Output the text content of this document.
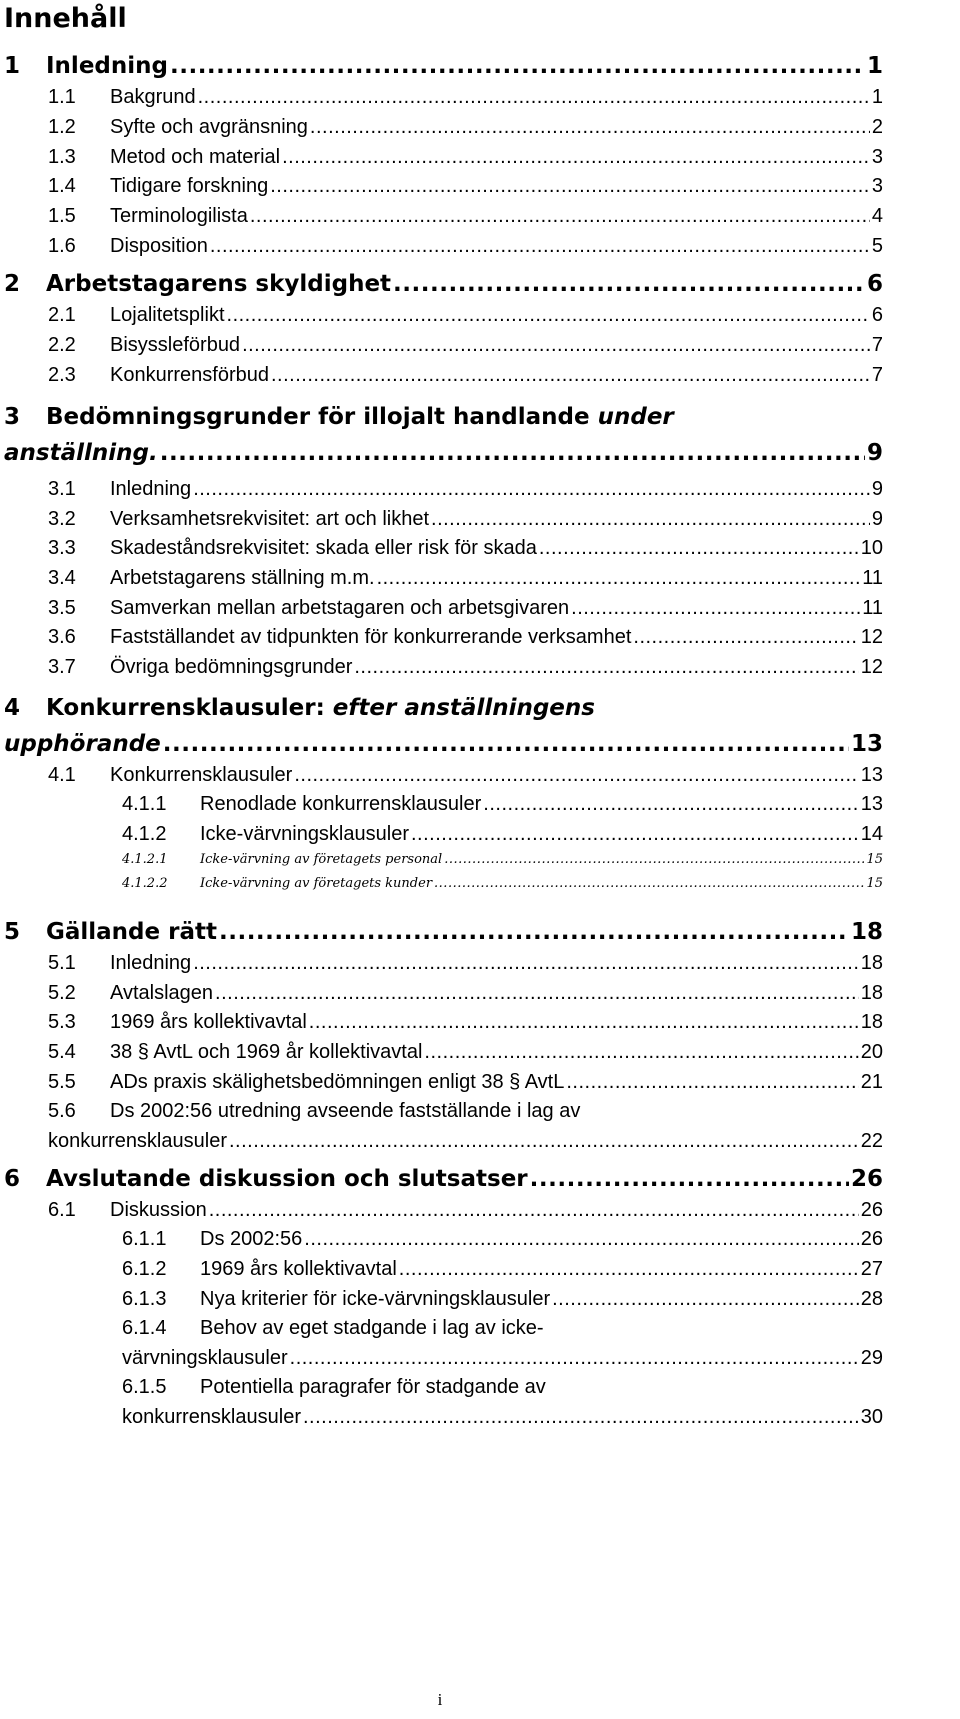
Innehåll
1	Inledning .....	1
1.1	Bakgrund .....	1
1.2	Syfte och avgränsning .....	2
1.3	Metod och material .....	3
1.4	Tidigare forskning .....	3
1.5	Terminologilista .....	4
1.6	Disposition .....	5
2	Arbetstagarens skyldighet .....	6
2.1	Lojalitetsplikt .....	6
2.2	Bisyssleförbud .....	7
2.3	Konkurrensförbud .....	7
3 Bedömningsgrunder för illojalt handlande under
anställning. .....	9
3.1	Inledning .....	9
3.2	Verksamhetsrekvisitet: art och likhet .....	9
3.3	Skadeståndsrekvisitet: skada eller risk för skada .....	10
3.4	Arbetstagarens ställning m.m. .....	11
3.5	Samverkan mellan arbetstagaren och arbetsgivaren .....	11
3.6	Fastställandet av tidpunkten för konkurrerande verksamhet .....	12
3.7	Övriga bedömningsgrunder .....	12
4 Konkurrensklausuler: efter anställningens
upphörande .....	13
4.1	Konkurrensklausuler .....	13
4.1.1	Renodlade konkurrensklausuler .....	13
4.1.2	Icke-värvningsklausuler .....	14
4.1.2.1	Icke-värvning av företagets personal .....	15
4.1.2.2	Icke-värvning av företagets kunder .....	15
5	Gällande rätt .....	18
5.1	Inledning .....	18
5.2	Avtalslagen .....	18
5.3	1969 års kollektivavtal .....	18
5.4	38 § AvtL och 1969 år kollektivavtal .....	20
5.5	ADs praxis skälighetsbedömningen enligt 38 § AvtL .....	21
5.6 Ds 2002:56 utredning avseende fastställande i lag av
konkurrensklausuler .....	22
6	Avslutande diskussion och slutsatser .....	26
6.1	Diskussion .....	26
6.1.1	Ds 2002:56 .....	26
6.1.2	1969 års kollektivavtal .....	27
6.1.3	Nya kriterier för icke-värvningsklausuler .....	28
6.1.4 Behov av eget stadgande i lag av icke-
värvningsklausuler .....	29
6.1.5 Potentiella paragrafer för stadgande av
konkurrensklausuler .....	30
i
